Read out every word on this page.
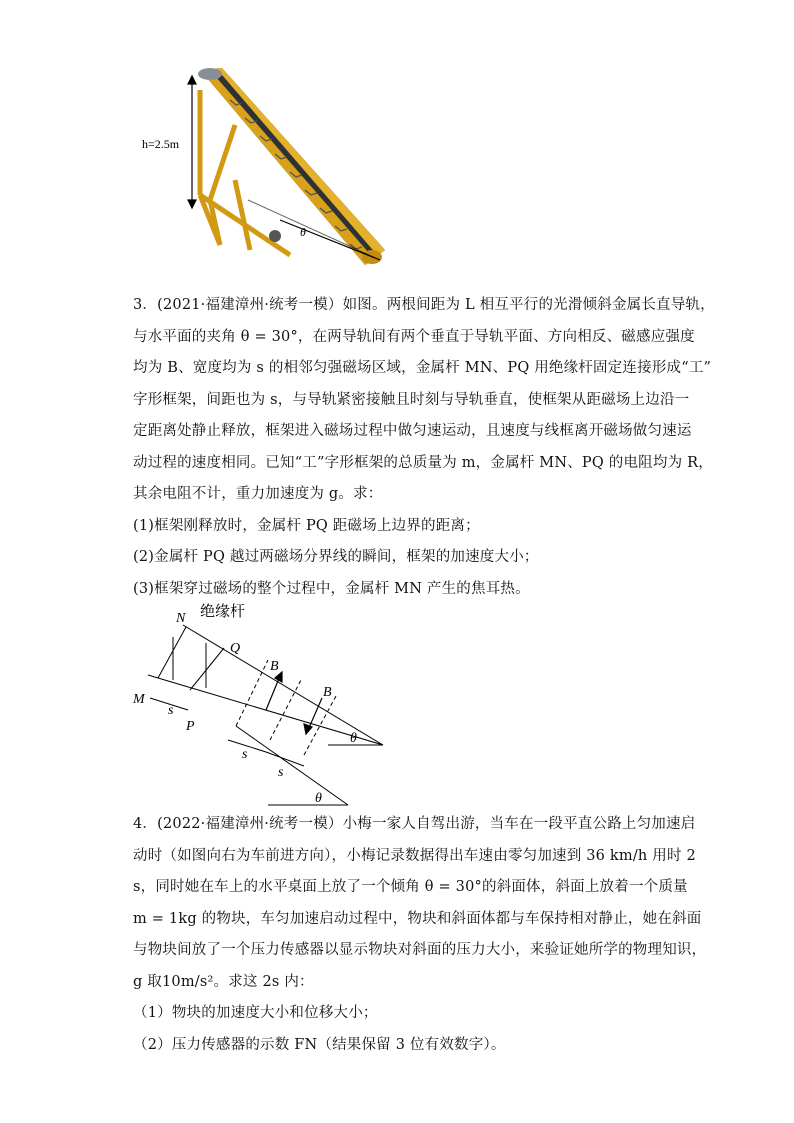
h=2.5m
θ
3．(2021·福建漳州·统考一模）如图。两根间距为 L 相互平行的光滑倾斜金属长直导轨，
与水平面的夹角 θ = 30°，在两导轨间有两个垂直于导轨平面、方向相反、磁感应强度
均为 B、宽度均为 s 的相邻匀强磁场区域，金属杆 MN、PQ 用绝缘杆固定连接形成“工”
字形框架，间距也为 s，与导轨紧密接触且时刻与导轨垂直，使框架从距磁场上边沿一
定距离处静止释放，框架进入磁场过程中做匀速运动，且速度与线框离开磁场做匀速运
动过程的速度相同。已知“工”字形框架的总质量为 m，金属杆 MN、PQ 的电阻均为 R，
其余电阻不计，重力加速度为 g。求：
(1)框架刚释放时，金属杆 PQ 距磁场上边界的距离；
(2)金属杆 PQ 越过两磁场分界线的瞬间，框架的加速度大小；
(3)框架穿过磁场的整个过程中，金属杆 MN 产生的焦耳热。
N
Q
M
P
B
B
s
s
s
θ
θ
绝缘杆
4．(2022·福建漳州·统考一模）小梅一家人自驾出游，当车在一段平直公路上匀加速启
动时（如图向右为车前进方向），小梅记录数据得出车速由零匀加速到 36 km/h 用时 2
s，同时她在车上的水平桌面上放了一个倾角 θ = 30°的斜面体，斜面上放着一个质量
m = 1kg 的物块，车匀加速启动过程中，物块和斜面体都与车保持相对静止，她在斜面
与物块间放了一个压力传感器以显示物块对斜面的压力大小，来验证她所学的物理知识，
g 取10m/s²。求这 2s 内：
（1）物块的加速度大小和位移大小；
（2）压力传感器的示数 FN（结果保留 3 位有效数字）。
